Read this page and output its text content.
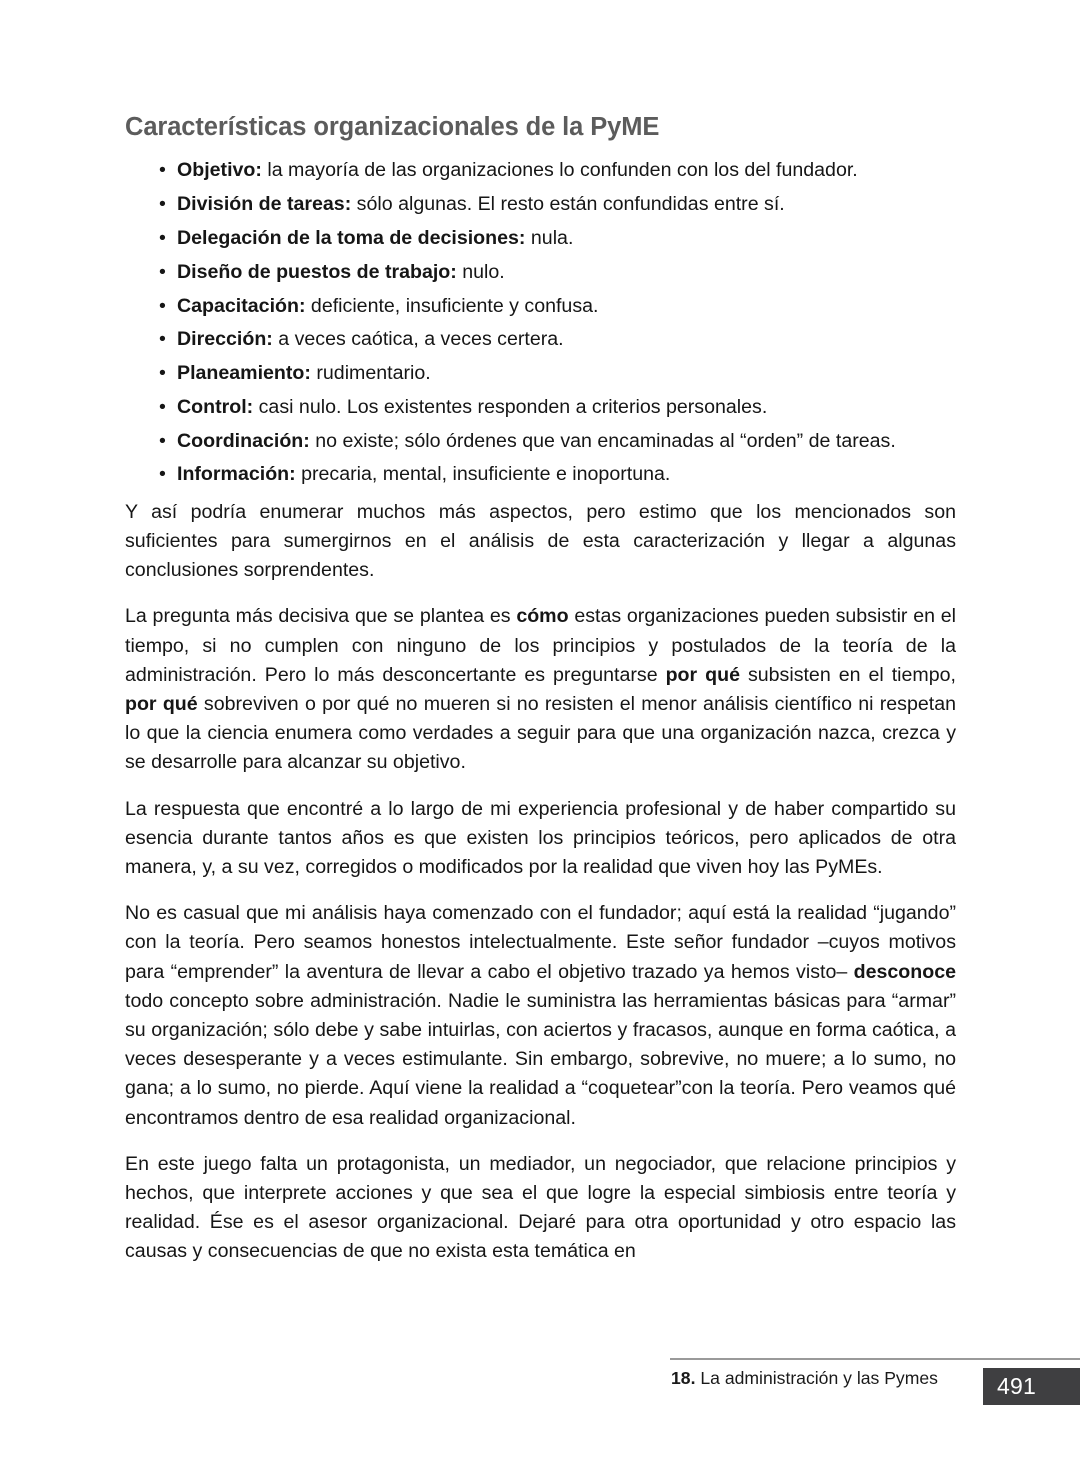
Características organizacionales de la PyME
• Objetivo: la mayoría de las organizaciones lo confunden con los del fundador.
• División de tareas: sólo algunas. El resto están confundidas entre sí.
• Delegación de la toma de decisiones: nula.
• Diseño de puestos de trabajo: nulo.
• Capacitación: deficiente, insuficiente y confusa.
• Dirección: a veces caótica, a veces certera.
• Planeamiento: rudimentario.
• Control: casi nulo. Los existentes responden a criterios personales.
• Coordinación: no existe; sólo órdenes que van encaminadas al “orden” de tareas.
• Información: precaria, mental, insuficiente e inoportuna.

Y así podría enumerar muchos más aspectos, pero estimo que los mencionados son suficientes para sumergirnos en el análisis de esta caracterización y llegar a algunas conclusiones sorprendentes.

La pregunta más decisiva que se plantea es cómo estas organizaciones pueden subsistir en el tiempo, si no cumplen con ninguno de los principios y postulados de la teoría de la administración. Pero lo más desconcertante es preguntarse por qué subsisten en el tiempo, por qué sobreviven o por qué no mueren si no resisten el menor análisis científico ni respetan lo que la ciencia enumera como verdades a seguir para que una organización nazca, crezca y se desarrolle para alcanzar su objetivo.

La respuesta que encontré a lo largo de mi experiencia profesional y de haber compartido su esencia durante tantos años es que existen los principios teóricos, pero aplicados de otra manera, y, a su vez, corregidos o modificados por la realidad que viven hoy las PyMEs.

No es casual que mi análisis haya comenzado con el fundador; aquí está la realidad “jugando” con la teoría. Pero seamos honestos intelectualmente. Este señor fundador –cuyos motivos para “emprender” la aventura de llevar a cabo el objetivo trazado ya hemos visto– desconoce todo concepto sobre administración. Nadie le suministra las herramientas básicas para “armar” su organización; sólo debe y sabe intuirlas, con aciertos y fracasos, aunque en forma caótica, a veces desesperante y a veces estimulante. Sin embargo, sobrevive, no muere; a lo sumo, no gana; a lo sumo, no pierde. Aquí viene la realidad a “coquetear”con la teoría. Pero veamos qué encontramos dentro de esa realidad organizacional.

En este juego falta un protagonista, un mediador, un negociador, que relacione principios y hechos, que interprete acciones y que sea el que logre la especial simbiosis entre teoría y realidad. Ése es el asesor organizacional. Dejaré para otra oportunidad y otro espacio las causas y consecuencias de que no exista esta temática en

18. La administración y las Pymes	491
